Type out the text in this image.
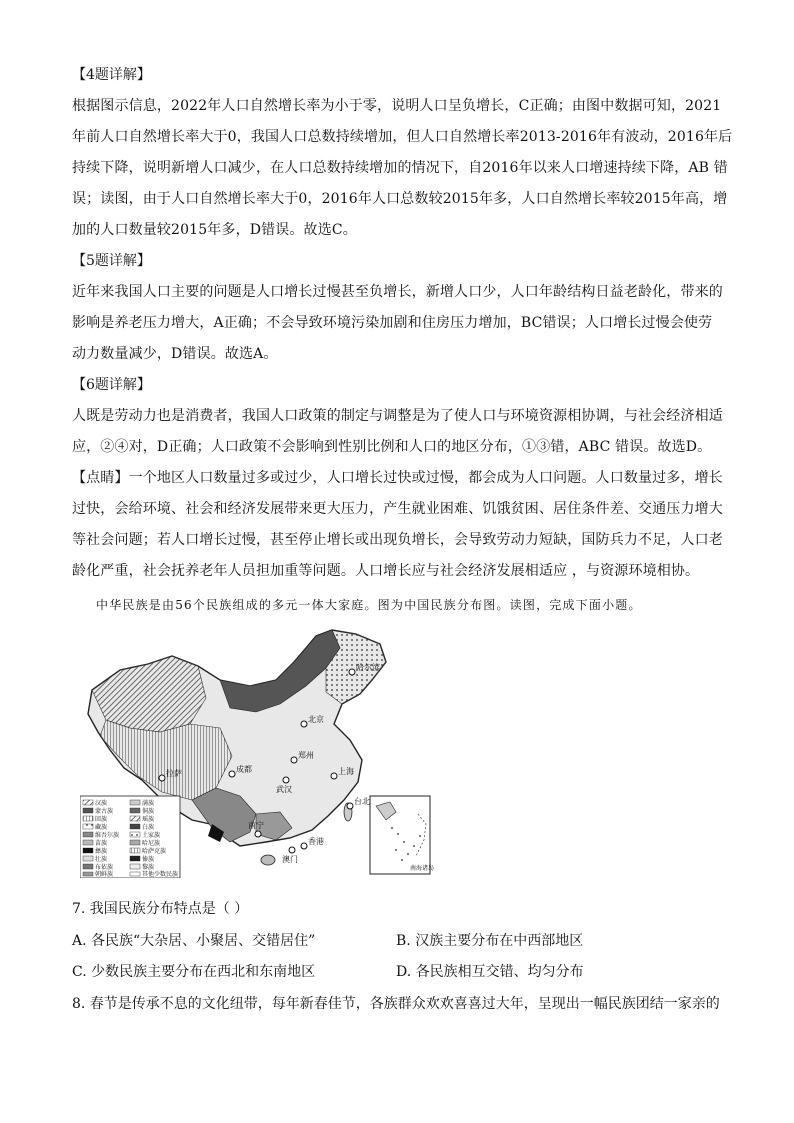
【4题详解】
根据图示信息，2022年人口自然增长率为小于零，说明人口呈负增长，C正确；由图中数据可知，2021
年前人口自然增长率大于0，我国人口总数持续增加，但人口自然增长率2013-2016年有波动，2016年后
持续下降，说明新增人口减少，在人口总数持续增加的情况下，自2016年以来人口增速持续下降，AB 错
误；读图，由于人口自然增长率大于0，2016年人口总数较2015年多，人口自然增长率较2015年高，增
加的人口数量较2015年多，D错误。故选C。
【5题详解】
近年来我国人口主要的问题是人口增长过慢甚至负增长，新增人口少，人口年龄结构日益老龄化，带来的
影响是养老压力增大，A正确；不会导致环境污染加剧和住房压力增加，BC错误；人口增长过慢会使劳
动力数量减少，D错误。故选A。
【6题详解】
人既是劳动力也是消费者，我国人口政策的制定与调整是为了使人口与环境资源相协调，与社会经济相适
应，②④对，D正确；人口政策不会影响到性别比例和人口的地区分布，①③错，ABC 错误。故选D。
【点睛】一个地区人口数量过多或过少，人口增长过快或过慢，都会成为人口问题。人口数量过多，增长
过快，会给环境、社会和经济发展带来更大压力，产生就业困难、饥饿贫困、居住条件差、交通压力增大
等社会问题；若人口增长过慢，甚至停止增长或出现负增长，会导致劳动力短缺，国防兵力不足，人口老
龄化严重，社会抚养老年人员担加重等问题。人口增长应与社会经济发展相适应 ，与资源环境相协。
中华民族是由56个民族组成的多元一体大家庭。图为中国民族分布图。读图，完成下面小题。
哈尔滨
北京
郑州
武汉
上海
成都
拉萨
南宁
澳门
香港
台北
汉族
蒙古族
回族
藏族
维吾尔族
苗族
彝族
壮族
布依族
朝鲜族
满族
侗族
瑶族
白族
土家族
哈尼族
哈萨克族
傣族
黎族
其他少数民族
南海诸岛
7. 我国民族分布特点是（ ）
A. 各民族“大杂居、小聚居、交错居住”	B. 汉族主要分布在中西部地区
C. 少数民族主要分布在西北和东南地区	D. 各民族相互交错、均匀分布
8. 春节是传承不息的文化纽带，每年新春佳节，各族群众欢欢喜喜过大年，呈现出一幅民族团结一家亲的
